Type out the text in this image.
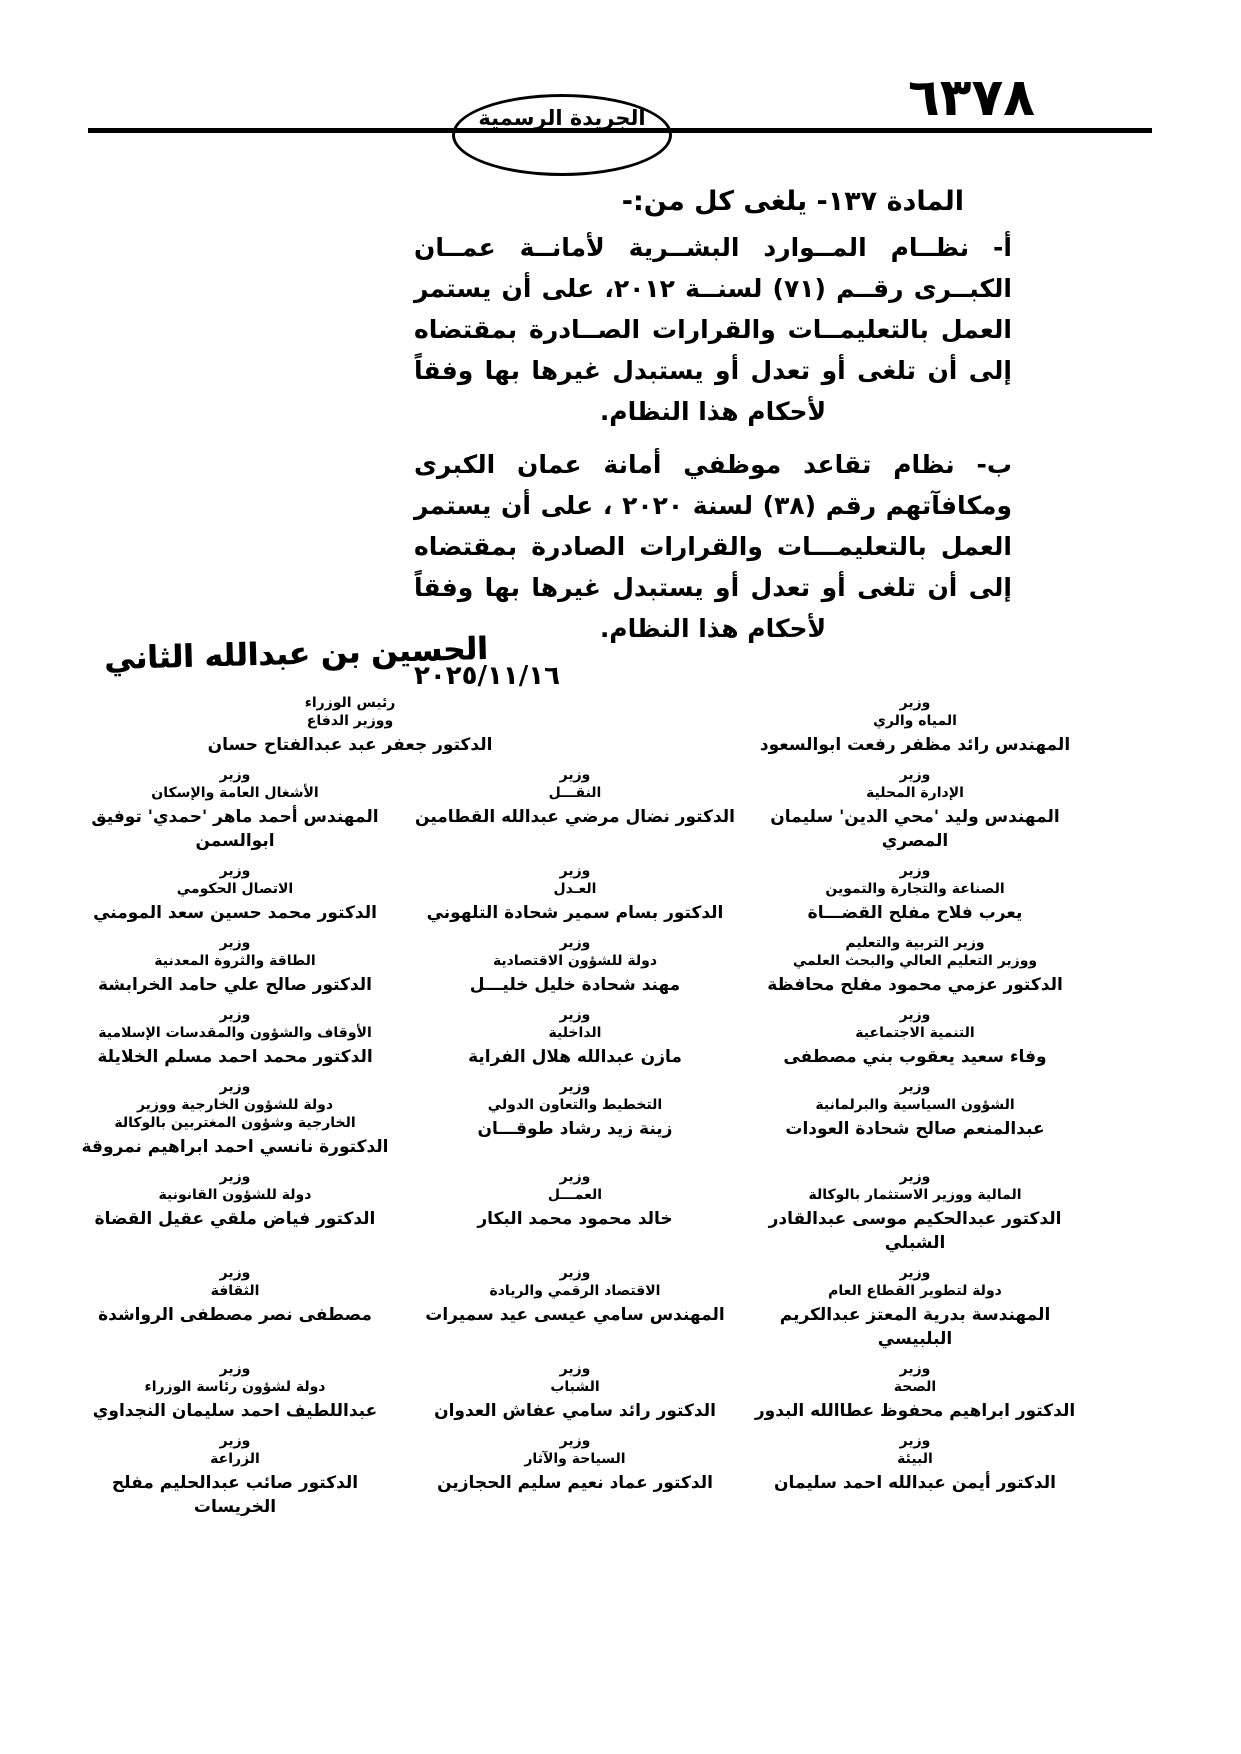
٦٣٧٨
الجريدة الرسمية
المادة ١٣٧- يلغى كل من:-

أ- نظــام المــوارد البشــرية لأمانــة عمــان الكبــرى رقــم (٧١) لسنــة ٢٠١٢، على أن يستمر العمل بالتعليمــات والقرارات الصــادرة بمقتضاه إلى أن تلغى أو تعدل أو يستبدل غيرها بها وفقاً لأحكام هذا النظام.

ب- نظام تقاعد موظفي أمانة عمان الكبرى ومكافآتهم رقم (٣٨) لسنة ٢٠٢٠ ، على أن يستمر العمل بالتعليمـــات والقرارات الصادرة بمقتضاه إلى أن تلغى أو تعدل أو يستبدل غيرها بها وفقاً لأحكام هذا النظام.

٢٠٢٥/١١/١٦
الحسين بن عبدالله الثاني
وزير
المياه والري
المهندس رائد مظفر رفعت ابوالسعود
رئيس الوزراء
ووزير الدفاع
الدكتور جعفر عبد عبدالفتاح حسان
وزير
الإدارة المحلية
المهندس وليد 'محي الدين' سليمان المصري
وزير
النقـــل
الدكتور نضال مرضي عبدالله القطامين
وزير
الأشغال العامة والإسكان
المهندس أحمد ماهر 'حمدي' توفيق ابوالسمن
وزير
الصناعة والتجارة والتموين
يعرب فلاح مفلح القضـــاة
وزير
العـدل
الدكتور بسام سمير شحادة التلهوني
وزير
الاتصال الحكومي
الدكتور محمد حسين سعد المومني
وزير التربية والتعليم
ووزير التعليم العالي والبحث العلمي
الدكتور عزمي محمود مفلح محافظة
وزير
دولة للشؤون الاقتصادية
مهند شحادة خليل خليـــل
وزير
الطاقة والثروة المعدنية
الدكتور صالح علي حامد الخرابشة
وزير
التنمية الاجتماعية
وفاء سعيد يعقوب بني مصطفى
وزير
الداخلية
مازن عبدالله هلال الفراية
وزير
الأوقاف والشؤون والمقدسات الإسلامية
الدكتور محمد احمد مسلم الخلايلة
وزير
الشؤون السياسية والبرلمانية
عبدالمنعم صالح شحادة العودات
وزير
التخطيط والتعاون الدولي
زينة زيد رشاد طوقـــان
وزير
دولة للشؤون الخارجية ووزير
الخارجية وشؤون المغتربين بالوكالة
الدكتورة نانسي احمد ابراهيم نمروقة
وزير
المالية ووزير الاستثمار بالوكالة
الدكتور عبدالحكيم موسى عبدالقادر الشبلي
وزير
العمـــل
خالد محمود محمد البكار
وزير
دولة للشؤون القانونية
الدكتور فياض ملقي عقيل القضاة
وزير
دولة لتطوير القطاع العام
المهندسة بدرية المعتز عبدالكريم البلبيسي
وزير
الاقتصاد الرقمي والريادة
المهندس سامي عيسى عيد سميرات
وزير
الثقافة
مصطفى نصر مصطفى الرواشدة
وزير
الصحة
الدكتور ابراهيم محفوظ عطاالله البدور
وزير
الشباب
الدكتور رائد سامي عفاش العدوان
وزير
دولة لشؤون رئاسة الوزراء
عبداللطيف احمد سليمان النجداوي
وزير
البيئة
الدكتور أيمن عبدالله احمد سليمان
وزير
السياحة والآثار
الدكتور عماد نعيم سليم الحجازين
وزير
الزراعة
الدكتور صائب عبدالحليم مفلح الخريسات
